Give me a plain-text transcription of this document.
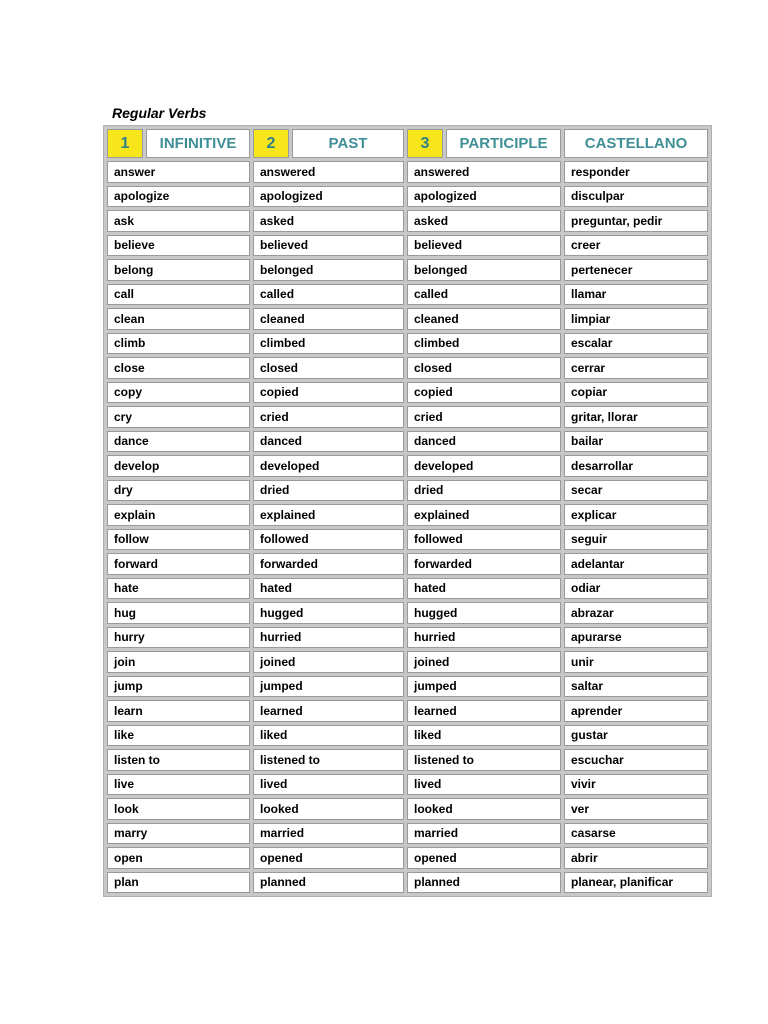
Regular Verbs
1	INFINITIVE	2	PAST	3	PARTICIPLE	CASTELLANO
answer		answered		answered		responder
apologize		apologized		apologized		disculpar
ask		asked		asked		preguntar, pedir
believe		believed		believed		creer
belong		belonged		belonged		pertenecer
call		called		called		llamar
clean		cleaned		cleaned		limpiar
climb		climbed		climbed		escalar
close		closed		closed		cerrar
copy		copied		copied		copiar
cry		cried		cried		gritar, llorar
dance		danced		danced		bailar
develop		developed		developed		desarrollar
dry		dried		dried		secar
explain		explained		explained		explicar
follow		followed		followed		seguir
forward		forwarded		forwarded		adelantar
hate		hated		hated		odiar
hug		hugged		hugged		abrazar
hurry		hurried		hurried		apurarse
join		joined		joined		unir
jump		jumped		jumped		saltar
learn		learned		learned		aprender
like		liked		liked		gustar
listen to		listened to		listened to		escuchar
live		lived		lived		vivir
look		looked		looked		ver
marry		married		married		casarse
open		opened		opened		abrir
plan		planned		planned		planear, planificar
